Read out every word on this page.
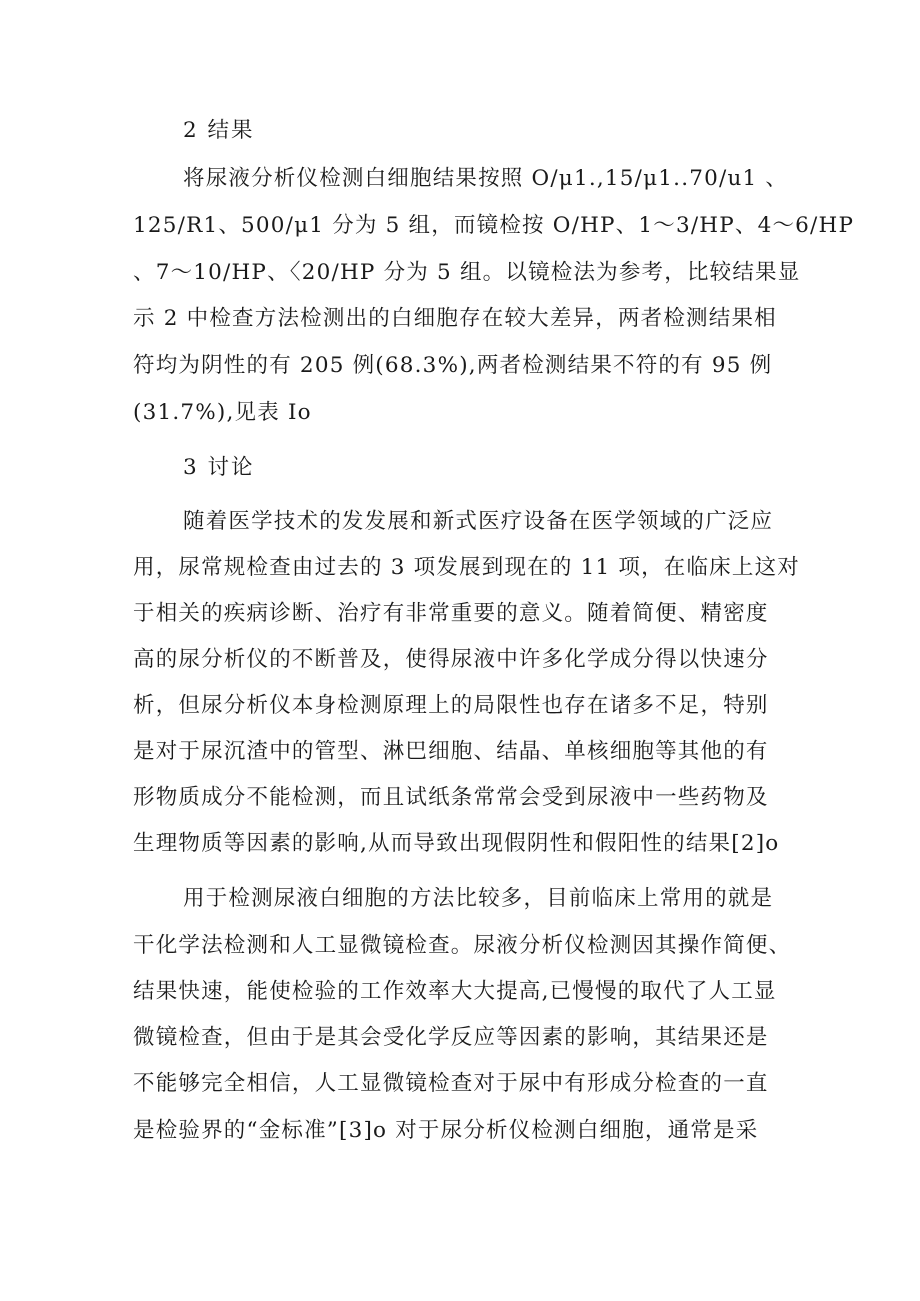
2 结果
将尿液分析仪检测白细胞结果按照 O∕μ1.,15∕μ1..70/u1 、
125/R1、500/μ1 分为 5 组，而镜检按 O/HP、1～3/HP、4～6/HP
、7～10/HP、〈20/HP 分为 5 组。以镜检法为参考，比较结果显
示 2 中检查方法检测出的白细胞存在较大差异，两者检测结果相
符均为阴性的有 205 例(68.3%),两者检测结果不符的有 95 例
(31.7%),见表 Io
3 讨论
随着医学技术的发发展和新式医疗设备在医学领域的广泛应
用，尿常规检查由过去的 3 项发展到现在的 11 项，在临床上这对
于相关的疾病诊断、治疗有非常重要的意义。随着简便、精密度
高的尿分析仪的不断普及，使得尿液中许多化学成分得以快速分
析，但尿分析仪本身检测原理上的局限性也存在诸多不足，特别
是对于尿沉渣中的管型、淋巴细胞、结晶、单核细胞等其他的有
形物质成分不能检测，而且试纸条常常会受到尿液中一些药物及
生理物质等因素的影响,从而导致出现假阴性和假阳性的结果[2]o
用于检测尿液白细胞的方法比较多，目前临床上常用的就是
干化学法检测和人工显微镜检查。尿液分析仪检测因其操作简便、
结果快速，能使检验的工作效率大大提高,已慢慢的取代了人工显
微镜检查，但由于是其会受化学反应等因素的影响，其结果还是
不能够完全相信，人工显微镜检查对于尿中有形成分检查的一直
是检验界的“金标准”[3]o 对于尿分析仪检测白细胞，通常是采
